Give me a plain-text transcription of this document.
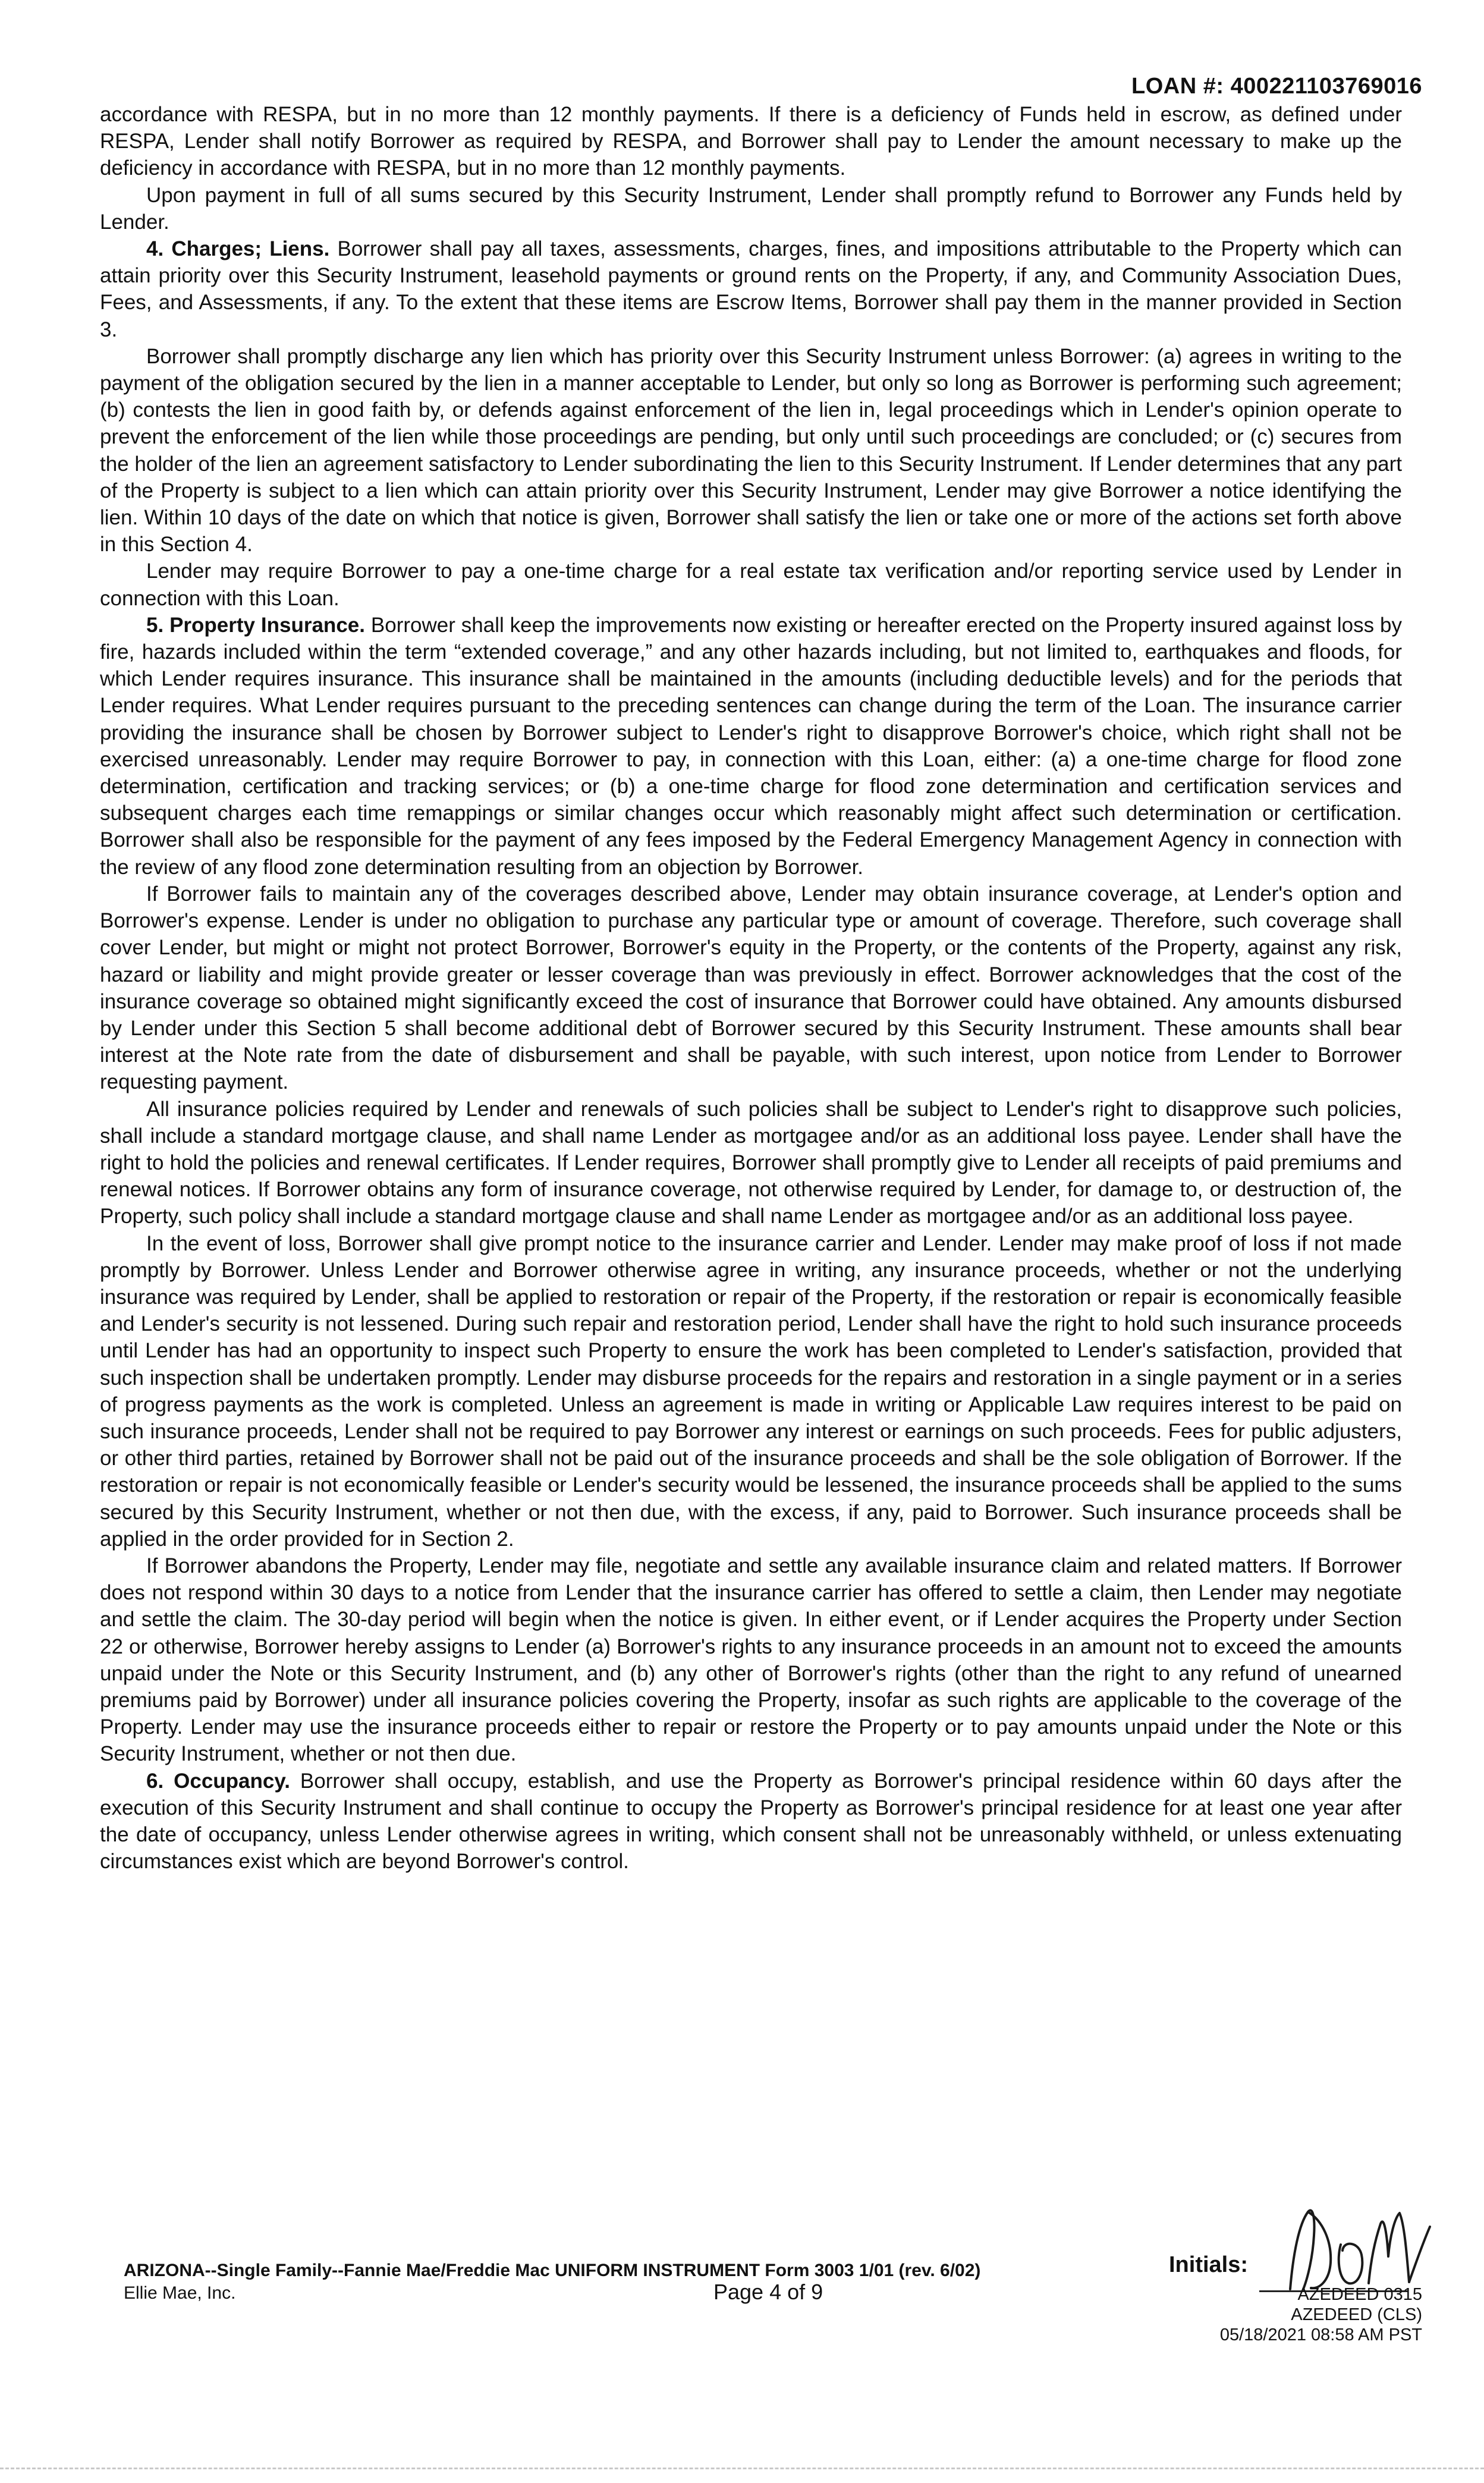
LOAN #: 400221103769016

accordance with RESPA, but in no more than 12 monthly payments. If there is a deficiency of Funds held in escrow, as defined under RESPA, Lender shall notify Borrower as required by RESPA, and Borrower shall pay to Lender the amount necessary to make up the deficiency in accordance with RESPA, but in no more than 12 monthly payments.

Upon payment in full of all sums secured by this Security Instrument, Lender shall promptly refund to Borrower any Funds held by Lender.

4. Charges; Liens. Borrower shall pay all taxes, assessments, charges, fines, and impositions attributable to the Property which can attain priority over this Security Instrument, leasehold payments or ground rents on the Property, if any, and Community Association Dues, Fees, and Assessments, if any. To the extent that these items are Escrow Items, Borrower shall pay them in the manner provided in Section 3.

Borrower shall promptly discharge any lien which has priority over this Security Instrument unless Borrower: (a) agrees in writing to the payment of the obligation secured by the lien in a manner acceptable to Lender, but only so long as Borrower is performing such agreement; (b) contests the lien in good faith by, or defends against enforcement of the lien in, legal proceedings which in Lender's opinion operate to prevent the enforcement of the lien while those proceedings are pending, but only until such proceedings are concluded; or (c) secures from the holder of the lien an agreement satisfactory to Lender subordinating the lien to this Security Instrument. If Lender determines that any part of the Property is subject to a lien which can attain priority over this Security Instrument, Lender may give Borrower a notice identifying the lien. Within 10 days of the date on which that notice is given, Borrower shall satisfy the lien or take one or more of the actions set forth above in this Section 4.

Lender may require Borrower to pay a one-time charge for a real estate tax verification and/or reporting service used by Lender in connection with this Loan.

5. Property Insurance. Borrower shall keep the improvements now existing or hereafter erected on the Property insured against loss by fire, hazards included within the term “extended coverage,” and any other hazards including, but not limited to, earthquakes and floods, for which Lender requires insurance. This insurance shall be maintained in the amounts (including deductible levels) and for the periods that Lender requires. What Lender requires pursuant to the preceding sentences can change during the term of the Loan. The insurance carrier providing the insurance shall be chosen by Borrower subject to Lender's right to disapprove Borrower's choice, which right shall not be exercised unreasonably. Lender may require Borrower to pay, in connection with this Loan, either: (a) a one-time charge for flood zone determination, certification and tracking services; or (b) a one-time charge for flood zone determination and certification services and subsequent charges each time remappings or similar changes occur which reasonably might affect such determination or certification. Borrower shall also be responsible for the payment of any fees imposed by the Federal Emergency Management Agency in connection with the review of any flood zone determination resulting from an objection by Borrower.

If Borrower fails to maintain any of the coverages described above, Lender may obtain insurance coverage, at Lender's option and Borrower's expense. Lender is under no obligation to purchase any particular type or amount of coverage. Therefore, such coverage shall cover Lender, but might or might not protect Borrower, Borrower's equity in the Property, or the contents of the Property, against any risk, hazard or liability and might provide greater or lesser coverage than was previously in effect. Borrower acknowledges that the cost of the insurance coverage so obtained might significantly exceed the cost of insurance that Borrower could have obtained. Any amounts disbursed by Lender under this Section 5 shall become additional debt of Borrower secured by this Security Instrument. These amounts shall bear interest at the Note rate from the date of disbursement and shall be payable, with such interest, upon notice from Lender to Borrower requesting payment.

All insurance policies required by Lender and renewals of such policies shall be subject to Lender's right to disapprove such policies, shall include a standard mortgage clause, and shall name Lender as mortgagee and/or as an additional loss payee. Lender shall have the right to hold the policies and renewal certificates. If Lender requires, Borrower shall promptly give to Lender all receipts of paid premiums and renewal notices. If Borrower obtains any form of insurance coverage, not otherwise required by Lender, for damage to, or destruction of, the Property, such policy shall include a standard mortgage clause and shall name Lender as mortgagee and/or as an additional loss payee.

In the event of loss, Borrower shall give prompt notice to the insurance carrier and Lender. Lender may make proof of loss if not made promptly by Borrower. Unless Lender and Borrower otherwise agree in writing, any insurance proceeds, whether or not the underlying insurance was required by Lender, shall be applied to restoration or repair of the Property, if the restoration or repair is economically feasible and Lender's security is not lessened. During such repair and restoration period, Lender shall have the right to hold such insurance proceeds until Lender has had an opportunity to inspect such Property to ensure the work has been completed to Lender's satisfaction, provided that such inspection shall be undertaken promptly. Lender may disburse proceeds for the repairs and restoration in a single payment or in a series of progress payments as the work is completed. Unless an agreement is made in writing or Applicable Law requires interest to be paid on such insurance proceeds, Lender shall not be required to pay Borrower any interest or earnings on such proceeds. Fees for public adjusters, or other third parties, retained by Borrower shall not be paid out of the insurance proceeds and shall be the sole obligation of Borrower. If the restoration or repair is not economically feasible or Lender's security would be lessened, the insurance proceeds shall be applied to the sums secured by this Security Instrument, whether or not then due, with the excess, if any, paid to Borrower. Such insurance proceeds shall be applied in the order provided for in Section 2.

If Borrower abandons the Property, Lender may file, negotiate and settle any available insurance claim and related matters. If Borrower does not respond within 30 days to a notice from Lender that the insurance carrier has offered to settle a claim, then Lender may negotiate and settle the claim. The 30-day period will begin when the notice is given. In either event, or if Lender acquires the Property under Section 22 or otherwise, Borrower hereby assigns to Lender (a) Borrower's rights to any insurance proceeds in an amount not to exceed the amounts unpaid under the Note or this Security Instrument, and (b) any other of Borrower's rights (other than the right to any refund of unearned premiums paid by Borrower) under all insurance policies covering the Property, insofar as such rights are applicable to the coverage of the Property. Lender may use the insurance proceeds either to repair or restore the Property or to pay amounts unpaid under the Note or this Security Instrument, whether or not then due.

6. Occupancy. Borrower shall occupy, establish, and use the Property as Borrower's principal residence within 60 days after the execution of this Security Instrument and shall continue to occupy the Property as Borrower's principal residence for at least one year after the date of occupancy, unless Lender otherwise agrees in writing, which consent shall not be unreasonably withheld, or unless extenuating circumstances exist which are beyond Borrower's control.

ARIZONA--Single Family--Fannie Mae/Freddie Mac UNIFORM INSTRUMENT Form 3003 1/01 (rev. 6/02)
Ellie Mae, Inc.	Page 4 of 9
Initials:
AZEDEED 0315
AZEDEED (CLS)
05/18/2021 08:58 AM PST
